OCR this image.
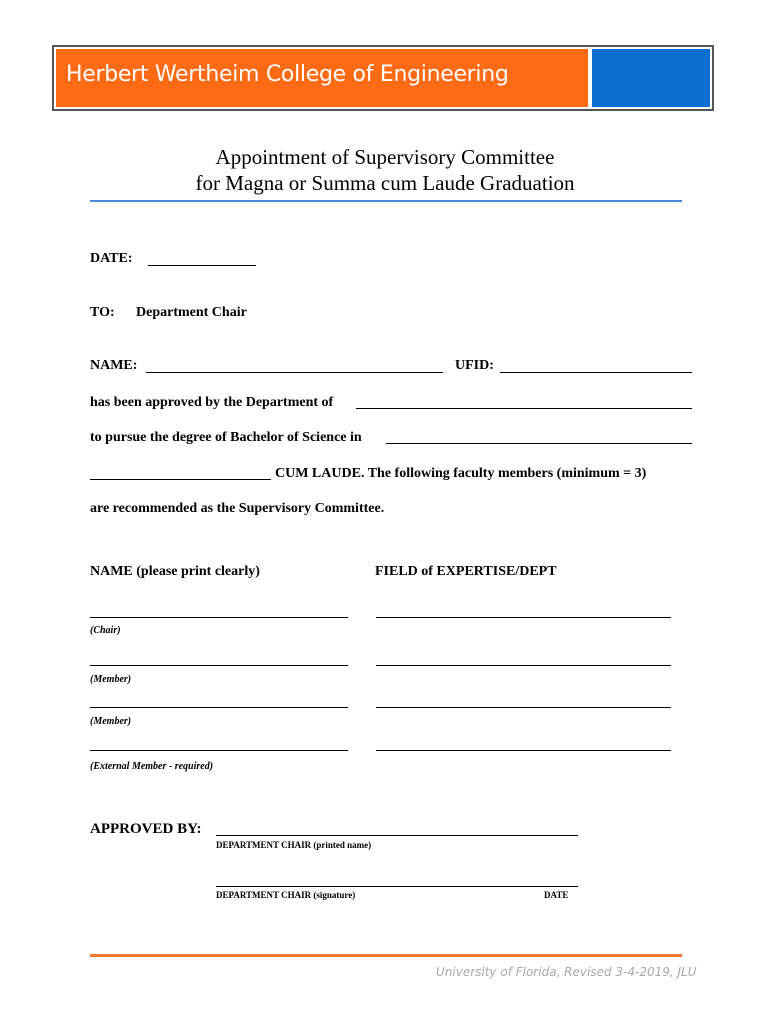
Herbert Wertheim College of Engineering
Appointment of Supervisory Committee
for Magna or Summa cum Laude Graduation
DATE:
TO: Department Chair
NAME:	UFID:
has been approved by the Department of
to pursue the degree of Bachelor of Science in
CUM LAUDE. The following faculty members (minimum = 3)
are recommended as the Supervisory Committee.
NAME (please print clearly)	FIELD of EXPERTISE/DEPT
(Chair)
(Member)
(Member)
(External Member - required)
APPROVED BY:
DEPARTMENT CHAIR (printed name)
DEPARTMENT CHAIR (signature)	DATE
University of Florida, Revised 3-4-2019, JLU
